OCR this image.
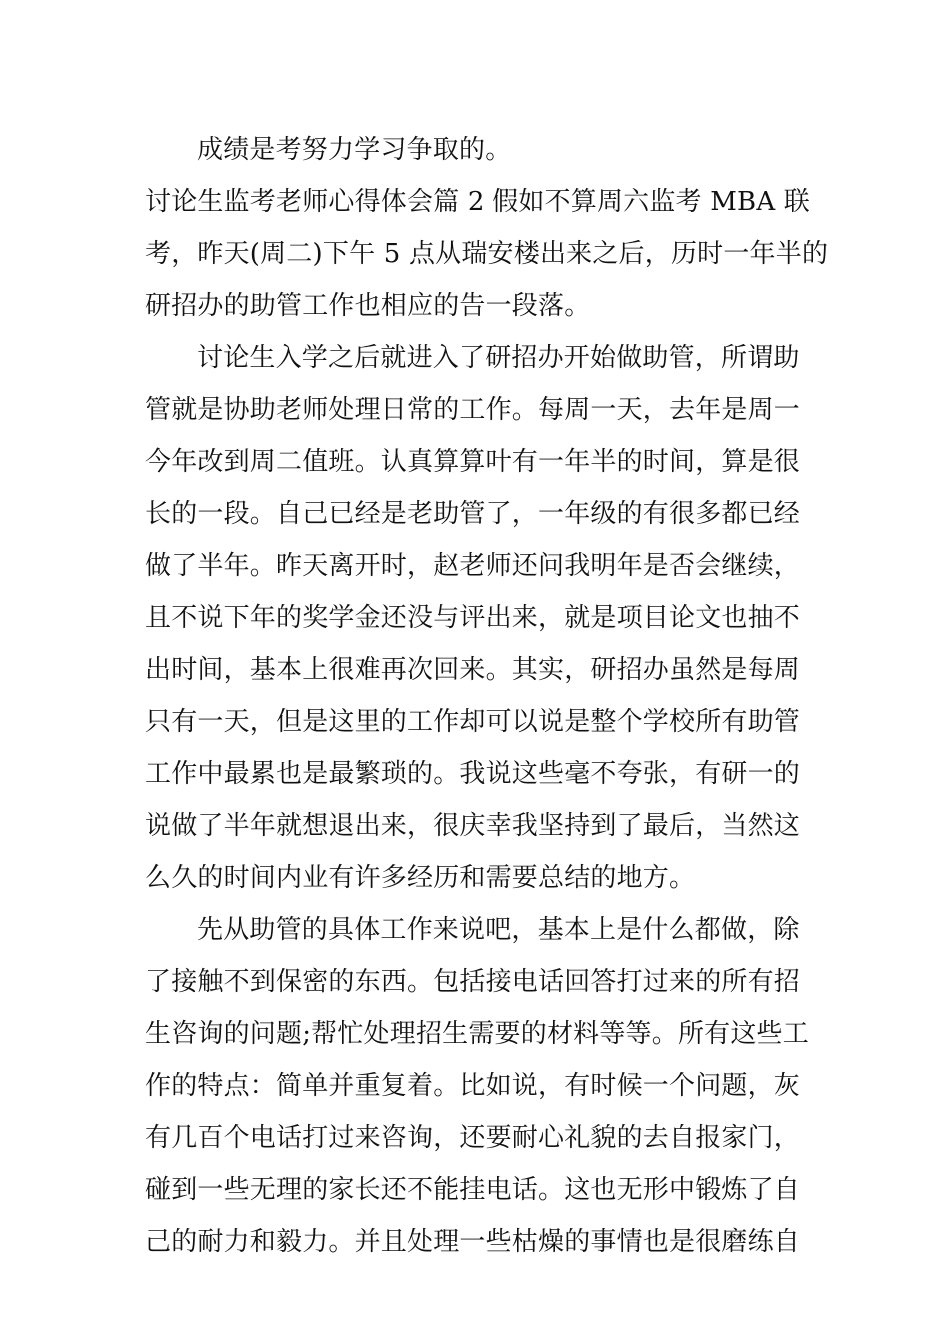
成绩是考努力学习争取的。
讨论生监考老师心得体会篇 2 假如不算周六监考 MBA 联
考，昨天(周二)下午 5 点从瑞安楼出来之后，历时一年半的
研招办的助管工作也相应的告一段落。
讨论生入学之后就进入了研招办开始做助管，所谓助
管就是协助老师处理日常的工作。每周一天，去年是周一
今年改到周二值班。认真算算叶有一年半的时间，算是很
长的一段。自己已经是老助管了，一年级的有很多都已经
做了半年。昨天离开时，赵老师还问我明年是否会继续，
且不说下年的奖学金还没与评出来，就是项目论文也抽不
出时间，基本上很难再次回来。其实，研招办虽然是每周
只有一天，但是这里的工作却可以说是整个学校所有助管
工作中最累也是最繁琐的。我说这些毫不夸张，有研一的
说做了半年就想退出来，很庆幸我坚持到了最后，当然这
么久的时间内业有许多经历和需要总结的地方。
先从助管的具体工作来说吧，基本上是什么都做，除
了接触不到保密的东西。包括接电话回答打过来的所有招
生咨询的问题;帮忙处理招生需要的材料等等。所有这些工
作的特点：简单并重复着。比如说，有时候一个问题，灰
有几百个电话打过来咨询，还要耐心礼貌的去自报家门，
碰到一些无理的家长还不能挂电话。这也无形中锻炼了自
己的耐力和毅力。并且处理一些枯燥的事情也是很磨练自
